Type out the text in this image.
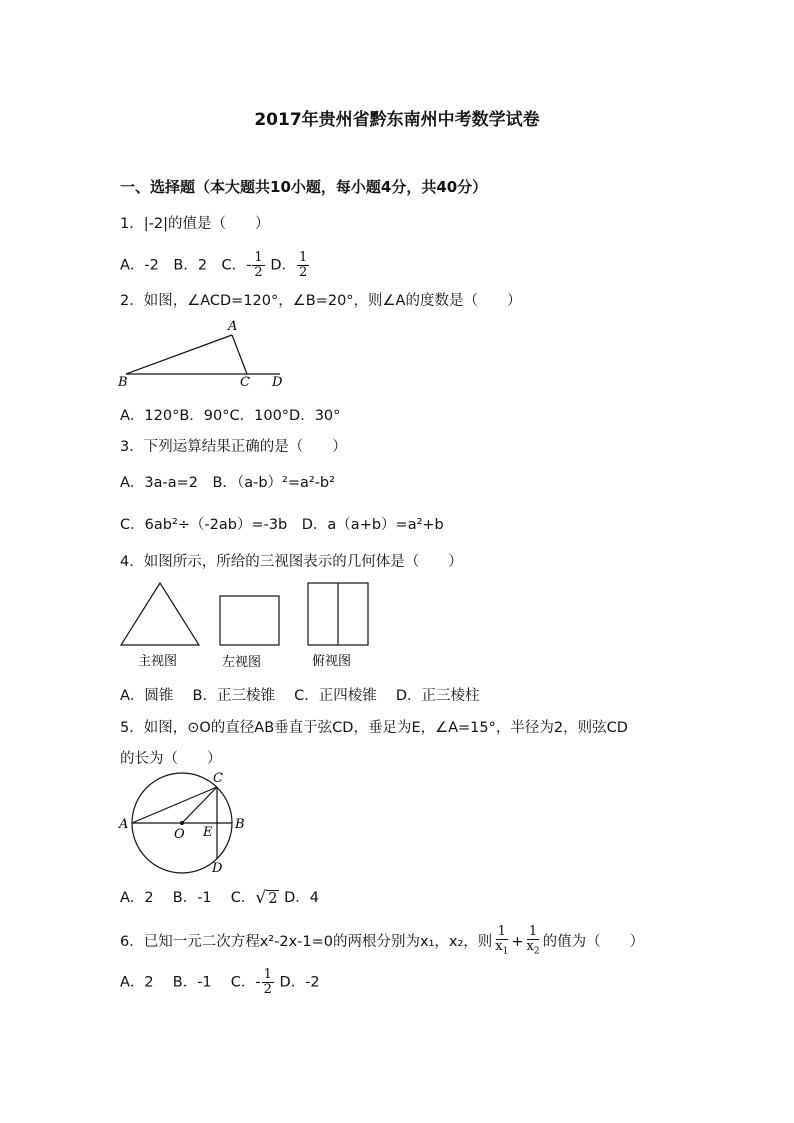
2017年贵州省黔东南州中考数学试卷
一、选择题（本大题共10小题，每小题4分，共40分）
1．|-2|的值是（　　）
A．-2　B．2　C．- $\frac{1}{2}$ D． $\frac{1}{2}$
2．如图，∠ACD=120°，∠B=20°，则∠A的度数是（　　）
A
B	C D
A．120°B．90°C．100°D．30°
3．下列运算结果正确的是（　　）
A．3a-a=2　B．（a-b）²=a²-b²
C．6ab²÷（-2ab）=-3b　D．a（a+b）=a²+b
4．如图所示，所给的三视图表示的几何体是（　　）
主视图	左视图	俯视图
A．圆锥　 B．正三棱锥　 C．正四棱锥　 D．正三棱柱
5．如图，⊙O的直径AB垂直于弦CD，垂足为E，∠A=15°，半径为2，则弦CD
的长为（　　）
A	B
C
D
O E
A．2　 B．-1　 C． √ 2 D．4
6．已知一元二次方程x²-2x-1=0的两根分别为x₁，x₂，则 $\frac{1}{x_1} + \frac{1}{x_2}$ 的值为（　　）
A．2　 B．-1　 C．- $\frac{1}{2}$ D．-2
